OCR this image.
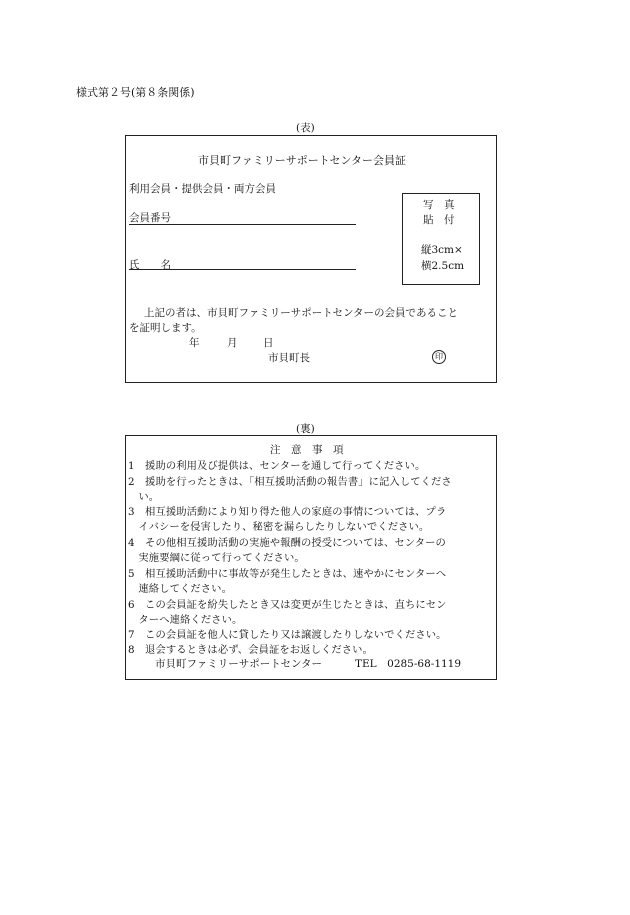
様式第２号(第８条関係)
(表)
市貝町ファミリーサポートセンター会員証
利用会員・提供会員・両方会員
会員番号
氏　　名
写　真
貼　付
縦3cm×
横2.5cm
上記の者は、市貝町ファミリーサポートセンターの会員であること
を証明します。
年	月 日
市貝町長	印
(裏)
注　意　事　項
1　援助の利用及び提供は、センターを通して行ってください。
2　援助を行ったときは、「相互援助活動の報告書」に記入してくださ
　い。
3　相互援助活動により知り得た他人の家庭の事情については、プラ
　イバシーを侵害したり、秘密を漏らしたりしないでください。
4　その他相互援助活動の実施や報酬の授受については、センターの
　実施要綱に従って行ってください。
5　相互援助活動中に事故等が発生したときは、速やかにセンターへ
　連絡してください。
6　この会員証を紛失したとき又は変更が生じたときは、直ちにセン
　ターへ連絡ください。
7　この会員証を他人に貸したり又は譲渡したりしないでください。
8　退会するときは必ず、会員証をお返しください。
市貝町ファミリーサポートセンター	TEL　0285-68-1119
